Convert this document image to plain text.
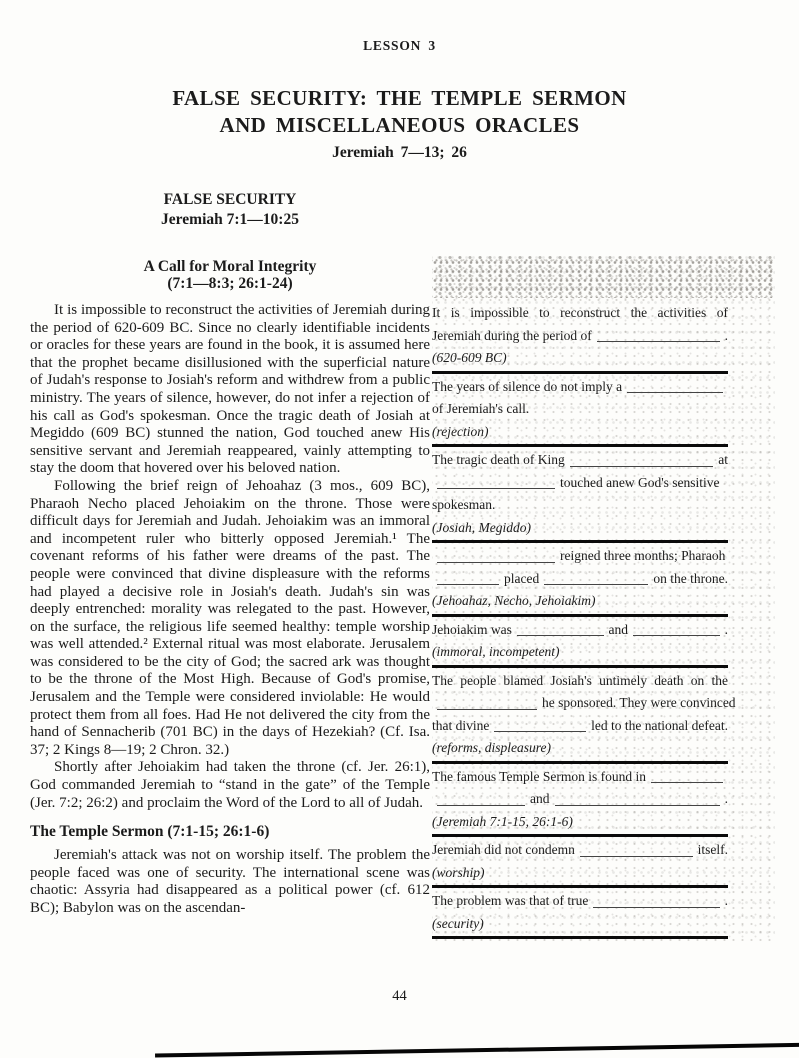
LESSON 3
FALSE SECURITY: THE TEMPLE SERMON
AND MISCELLANEOUS ORACLES
Jeremiah 7—13; 26
FALSE SECURITY
Jeremiah 7:1—10:25
A Call for Moral Integrity
(7:1—8:3; 26:1-24)

It is impossible to reconstruct the activities of Jeremiah during the period of 620-609 BC. Since no clearly identifiable incidents or oracles for these years are found in the book, it is assumed here that the prophet became disillusioned with the superficial nature of Judah's response to Josiah's reform and withdrew from a public ministry. The years of silence, however, do not infer a rejection of his call as God's spokesman. Once the tragic death of Josiah at Megiddo (609 BC) stunned the nation, God touched anew His sensitive servant and Jeremiah reappeared, vainly attempting to stay the doom that hovered over his beloved nation.

Following the brief reign of Jehoahaz (3 mos., 609 BC), Pharaoh Necho placed Jehoiakim on the throne. Those were difficult days for Jeremiah and Judah. Jehoiakim was an immoral and incompetent ruler who bitterly opposed Jeremiah.¹ The covenant reforms of his father were dreams of the past. The people were convinced that divine displeasure with the reforms had played a decisive role in Josiah's death. Judah's sin was deeply entrenched: morality was relegated to the past. However, on the surface, the religious life seemed healthy: temple worship was well attended.² External ritual was most elaborate. Jerusalem was considered to be the city of God; the sacred ark was thought to be the throne of the Most High. Because of God's promise, Jerusalem and the Temple were considered inviolable: He would protect them from all foes. Had He not delivered the city from the hand of Sennacherib (701 BC) in the days of Hezekiah? (Cf. Isa. 37; 2 Kings 8—19; 2 Chron. 32.)

Shortly after Jehoiakim had taken the throne (cf. Jer. 26:1), God commanded Jeremiah to “stand in the gate” of the Temple (Jer. 7:2; 26:2) and proclaim the Word of the Lord to all of Judah.

The Temple Sermon (7:1-15; 26:1-6)

Jeremiah's attack was not on worship itself. The problem the people faced was one of security. The international scene was chaotic: Assyria had disappeared as a political power (cf. 612 BC); Babylon was on the ascendan-

It is impossible to reconstruct the activities of
Jeremiah during the period of	.
(620-609 BC)
The years of silence do not imply a
of Jeremiah's call.
(rejection)
The tragic death of King	at
touched anew God's sensitive
spokesman.
(Josiah, Megiddo)
reigned three months; Pharaoh
placed	on the throne.
(Jehoahaz, Necho, Jehoiakim)
Jehoiakim was	and	.
(immoral, incompetent)
The people blamed Josiah's untimely death on the
he sponsored. They were convinced
that divine	led to the national defeat.
(reforms, displeasure)
The famous Temple Sermon is found in
and	.
(Jeremiah 7:1-15, 26:1-6)
Jeremiah did not condemn	itself.
(worship)
The problem was that of true	.
(security)
44
